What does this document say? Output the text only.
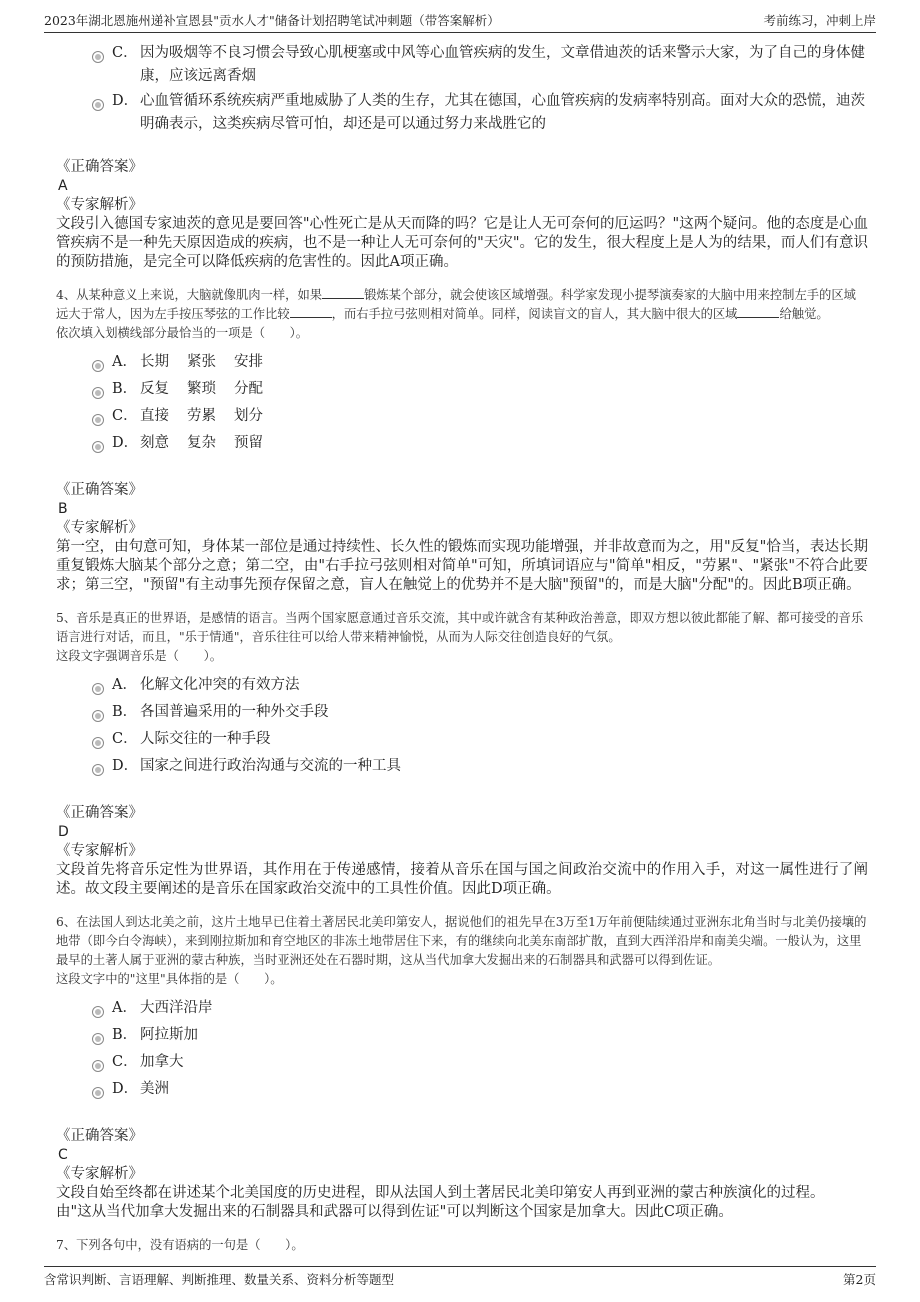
2023年湖北恩施州递补宣恩县"贡水人才"储备计划招聘笔试冲刺题（带答案解析）	考前练习，冲刺上岸
C． 因为吸烟等不良习惯会导致心肌梗塞或中风等心血管疾病的发生，文章借迪茨的话来警示大家，为了自己的身体健康，应该远离香烟
D． 心血管循环系统疾病严重地威胁了人类的生存，尤其在德国，心血管疾病的发病率特别高。面对大众的恐慌，迪茨明确表示，这类疾病尽管可怕，却还是可以通过努力来战胜它的
《正确答案》
A
《专家解析》
文段引入德国专家迪茨的意见是要回答"心性死亡是从天而降的吗？它是让人无可奈何的厄运吗？"这两个疑问。他的态度是心血管疾病不是一种先天原因造成的疾病，也不是一种让人无可奈何的"天灾"。它的发生，很大程度上是人为的结果，而人们有意识的预防措施，是完全可以降低疾病的危害性的。因此A项正确。
4、从某种意义上来说，大脑就像肌肉一样，如果	锻炼某个部分，就会使该区域增强。科学家发现小提琴演奏家的大脑中用来控制左手的区域远大于常人，因为左手按压琴弦的工作比较	，而右手拉弓弦则相对简单。同样，阅读盲文的盲人，其大脑中很大的区域	给触觉。
依次填入划横线部分最恰当的一项是（　　）。
A． 长期 紧张 安排
B． 反复 繁琐 分配
C． 直接 劳累 划分
D． 刻意 复杂 预留
《正确答案》
B
《专家解析》
第一空，由句意可知，身体某一部位是通过持续性、长久性的锻炼而实现功能增强，并非故意而为之，用"反复"恰当，表达长期重复锻炼大脑某个部分之意；第二空，由"右手拉弓弦则相对简单"可知，所填词语应与"简单"相反，"劳累"、"紧张"不符合此要求；第三空，"预留"有主动事先预存保留之意，盲人在触觉上的优势并不是大脑"预留"的，而是大脑"分配"的。因此B项正确。
5、音乐是真正的世界语，是感情的语言。当两个国家愿意通过音乐交流，其中或许就含有某种政治善意，即双方想以彼此都能了解、都可接受的音乐语言进行对话，而且，"乐于情通"，音乐往往可以给人带来精神愉悦，从而为人际交往创造良好的气氛。
这段文字强调音乐是（　　）。
A． 化解文化冲突的有效方法
B． 各国普遍采用的一种外交手段
C． 人际交往的一种手段
D． 国家之间进行政治沟通与交流的一种工具
《正确答案》
D
《专家解析》
文段首先将音乐定性为世界语，其作用在于传递感情，接着从音乐在国与国之间政治交流中的作用入手，对这一属性进行了阐述。故文段主要阐述的是音乐在国家政治交流中的工具性价值。因此D项正确。
6、在法国人到达北美之前，这片土地早已住着土著居民北美印第安人，据说他们的祖先早在3万至1万年前便陆续通过亚洲东北角当时与北美仍接壤的地带（即今白令海峡），来到刚拉斯加和育空地区的非冻土地带居住下来，有的继续向北美东南部扩散，直到大西洋沿岸和南美尖端。一般认为，这里最早的土著人属于亚洲的蒙古种族，当时亚洲还处在石器时期，这从当代加拿大发掘出来的石制器具和武器可以得到佐证。
这段文字中的"这里"具体指的是（　　）。
A． 大西洋沿岸
B． 阿拉斯加
C． 加拿大
D． 美洲
《正确答案》
C
《专家解析》
文段自始至终都在讲述某个北美国度的历史进程，即从法国人到土著居民北美印第安人再到亚洲的蒙古种族演化的过程。
由"这从当代加拿大发掘出来的石制器具和武器可以得到佐证"可以判断这个国家是加拿大。因此C项正确。
7、下列各句中，没有语病的一句是（　　）。
含常识判断、言语理解、判断推理、数量关系、资料分析等题型	第2页
